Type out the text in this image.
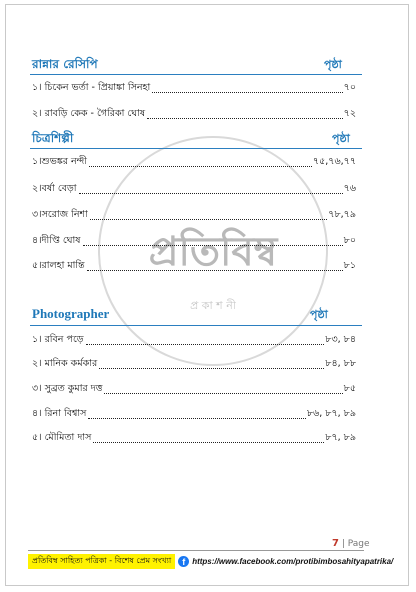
প্রতিবিম্ব
প্র কা শ নী
রান্নার রেসিপি	পৃষ্ঠা
১। চিকেন ভর্তা - প্রিয়াঙ্কা সিনহা	৭০
২। রাবড়ি কেক - গৈরিকা ঘোষ	৭২
চিত্রশিল্পী	পৃষ্ঠা
১।শুভঙ্কর নন্দী	৭৫,৭৬,৭৭
২।বর্ষা বেড়া	৭৬
৩।সরোজ নিশা	৭৮,৭৯
৪।দীপ্তি ঘোষ	৮০
৫।রালহা মান্তি	৮১
Photographer	পৃষ্ঠা
১। রবিন পড়ে	৮৩, ৮৪
২। মানিক কর্মকার	৮৪, ৮৮
৩। সুব্রত কুমার দত্ত	৮৫
৪। রিনা বিশ্বাস	৮৬, ৮৭, ৮৯
৫। মৌমিতা দাস	৮৭, ৮৯
7 | Page
প্রতিবিম্ব সাহিত্য পত্রিকা - বিশেষ প্রেম সংখ্যা	f https://www.facebook.com/protibimbosahityapatrika/
